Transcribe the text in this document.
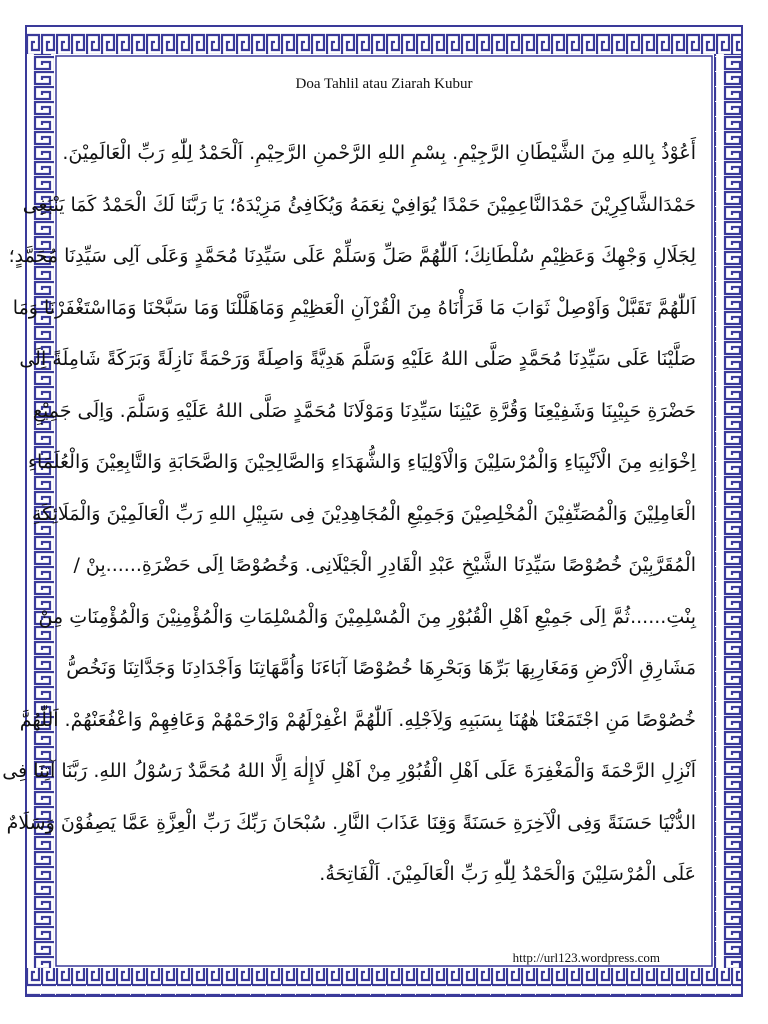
Doa Tahlil atau Ziarah Kubur
أَعُوْذُ بِاللهِ مِنَ الشَّيْطَانِ الرَّجِيْمِ. بِسْمِ اللهِ الرَّحْمنِ الرَّحِيْمِ. اَلْحَمْدُ لِلّٰهِ رَبِّ الْعَالَمِيْنَ.
حَمْدَالشَّاكِرِيْنَ حَمْدَالنَّاعِمِيْنَ حَمْدًا يُوَافِيْ نِعَمَهُ وَيُكَافِئُ مَزِيْدَهُ؛ يَا رَبَّنَا لَكَ الْحَمْدُ كَمَا يَنْبَغِى
لِجَلَالِ وَجْهِكَ وَعَظِيْمِ سُلْطَانِكَ؛ اَللّٰهُمَّ صَلِّ وَسَلِّمْ عَلَى سَيِّدِنَا مُحَمَّدٍ وَعَلَى آلِى سَيِّدِنَا مُحَمَّدٍ؛
اَللّٰهُمَّ تَقَبَّلْ وَاَوْصِلْ ثَوَابَ مَا قَرَأْنَاهُ مِنَ الْقُرْآنِ الْعَظِيْمِ وَمَاهَلَّلْنَا وَمَا سَبَّحْنَا وَمَااسْتَغْفَرْنَا وَمَا
صَلَّيْنَا عَلَى سَيِّدِنَا مُحَمَّدٍ صَلَّى اللهُ عَلَيْهِ وَسَلَّمَ هَدِيَّةً وَاصِلَةً وَرَحْمَةً نَازِلَةً وَبَرَكَةً شَامِلَةً اِلَى
حَضْرَةِ حَبِيْبِنَا وَشَفِيْعِنَا وَقُرَّةِ عَيْنِنَا سَيِّدِنَا وَمَوْلَانَا مُحَمَّدٍ صَلَّى اللهُ عَلَيْهِ وَسَلَّمَ. وَاِلَى جَمِيْعِ
اِخْوَانِهِ مِنَ الْاَنْبِيَاءِ وَالْمُرْسَلِيْنَ وَالْاَوْلِيَاءِ وَالشُّهَدَاءِ وَالصَّالِحِيْنَ وَالصَّحَابَةِ وَالتَّابِعِيْنَ وَالْعُلَمَاءِ
الْعَامِلِيْنَ وَالْمُصَنِّفِيْنَ الْمُخْلِصِيْنَ وَجَمِيْعِ الْمُجَاهِدِيْنَ فِى سَبِيْلِ اللهِ رَبِّ الْعَالَمِيْنَ وَالْمَلَائِكَةِ
الْمُقَرَّبِيْنَ خُصُوْصًا سَيِّدِنَا الشَّيْخِ عَبْدِ الْقَادِرِ الْجَيْلَانِى. وَخُصُوْصًا اِلَى حَضْرَةِ......بِنْ /
بِنْتِ......ثُمَّ اِلَى جَمِيْعِ اَهْلِ الْقُبُوْرِ مِنَ الْمُسْلِمِيْنَ وَالْمُسْلِمَاتِ وَالْمُؤْمِنِيْنَ وَالْمُؤْمِنَاتِ مِنْ
مَشَارِقِ الْاَرْضِ وَمَغَارِبِهَا بَرِّهَا وَبَحْرِهَا خُصُوْصًا آبَاءَنَا وَاُمَّهَاتِنَا وَاَجْدَادِنَا وَجَدَّاتِنَا وَنَخُصُّ
خُصُوْصًا مَنِ اجْتَمَعْنَا هٰهُنَا بِسَبَبِهِ وَلِاَجْلِهِ. اَللّٰهُمَّ اغْفِرْلَهُمْ وَارْحَمْهُمْ وَعَافِهِمْ وَاعْفُعَنْهُمْ. اَللّٰهُمَّ
اَنْزِلِ الرَّحْمَةَ وَالْمَغْفِرَةَ عَلَى اَهْلِ الْقُبُوْرِ مِنْ اَهْلِ لَاإِلٰهَ اِلَّا اللهُ مُحَمَّدٌ رَسُوْلُ اللهِ. رَبَّنَا آتِنَا فِى
الدُّنْيَا حَسَنَةً وَفِى الْآخِرَةِ حَسَنَةً وَقِنَا عَذَابَ النَّارِ. سُبْحَانَ رَبِّكَ رَبِّ الْعِزَّةِ عَمَّا يَصِفُوْنَ وَسَلَامٌ
عَلَى الْمُرْسَلِيْنَ وَالْحَمْدُ لِلّٰهِ رَبِّ الْعَالَمِيْنَ. اَلْفَاتِحَةُ.
http://url123.wordpress.com
